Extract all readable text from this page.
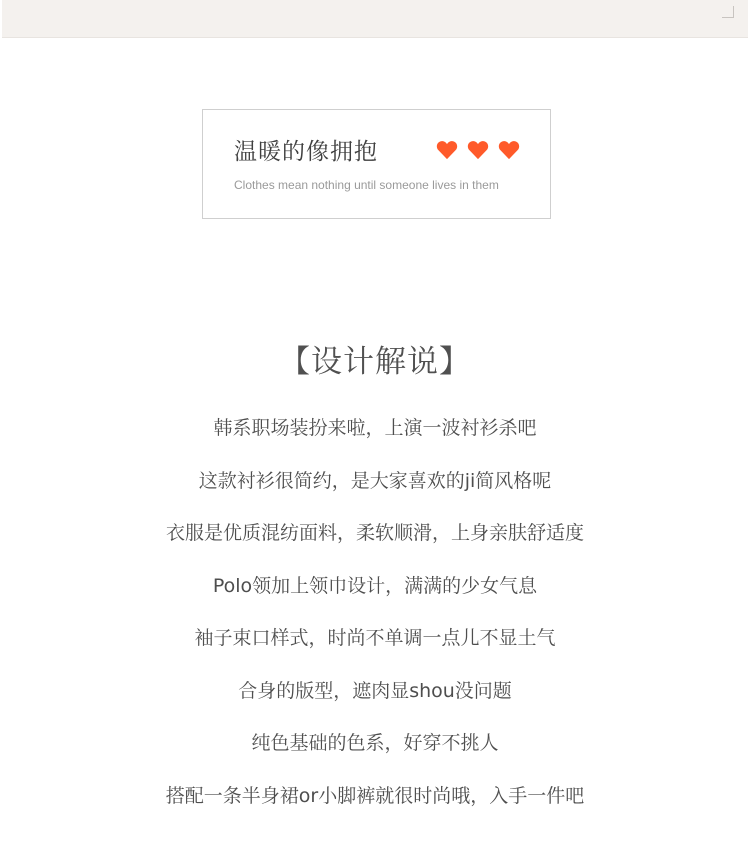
温暖的像拥抱
Clothes mean nothing until someone lives in them
【设计解说】
韩系职场装扮来啦，上演一波衬衫杀吧
这款衬衫很简约，是大家喜欢的ji简风格呢
衣服是优质混纺面料，柔软顺滑，上身亲肤舒适度
Polo领加上领巾设计，满满的少女气息
袖子束口样式，时尚不单调一点儿不显土气
合身的版型，遮肉显shou没问题
纯色基础的色系，好穿不挑人
搭配一条半身裙or小脚裤就很时尚哦，入手一件吧
